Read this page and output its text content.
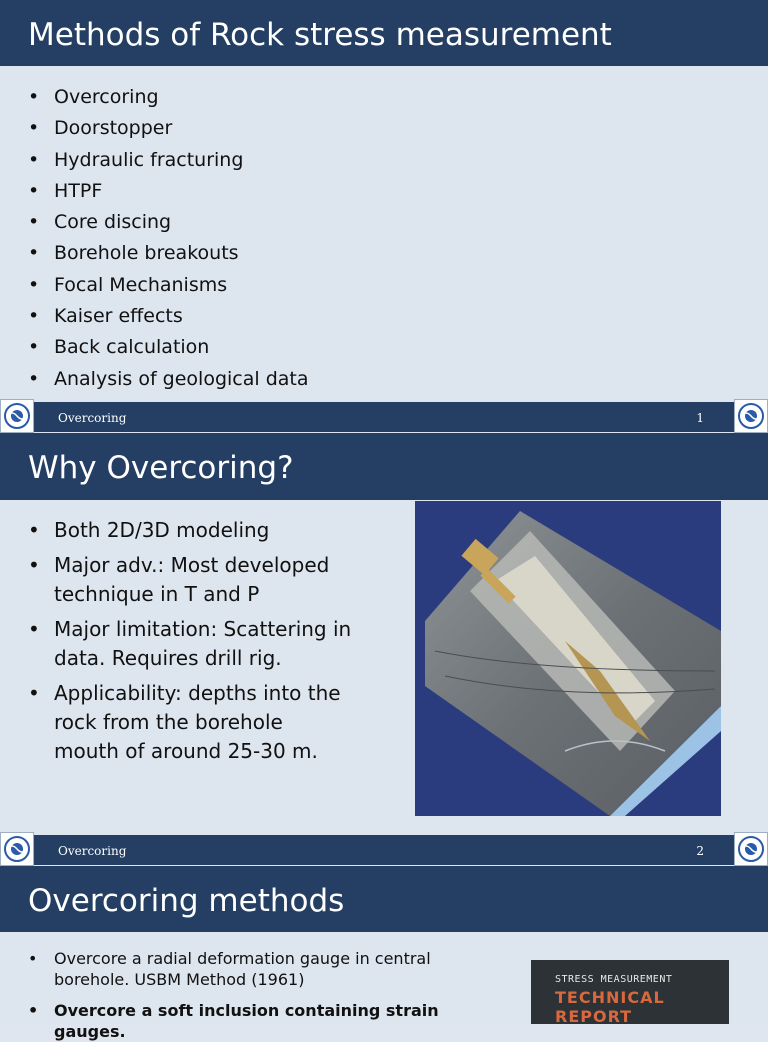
Methods of Rock stress measurement
• Overcoring
• Doorstopper
• Hydraulic fracturing
• HTPF
• Core discing
• Borehole breakouts
• Focal Mechanisms
• Kaiser effects
• Back calculation
• Analysis of geological data
Overcoring	1
Why Overcoring?
• Both 2D/3D modeling
• Major adv.: Most developed technique in T and P
• Major limitation: Scattering in data. Requires drill rig.
• Applicability: depths into the rock from the borehole mouth of around 25-30 m.
Overcoring	2
Overcoring methods
• Overcore a radial deformation gauge in central borehole. USBM Method (1961)
• Overcore a soft inclusion containing strain gauges.
STRESS MEASUREMENT
TECHNICAL REPORT
